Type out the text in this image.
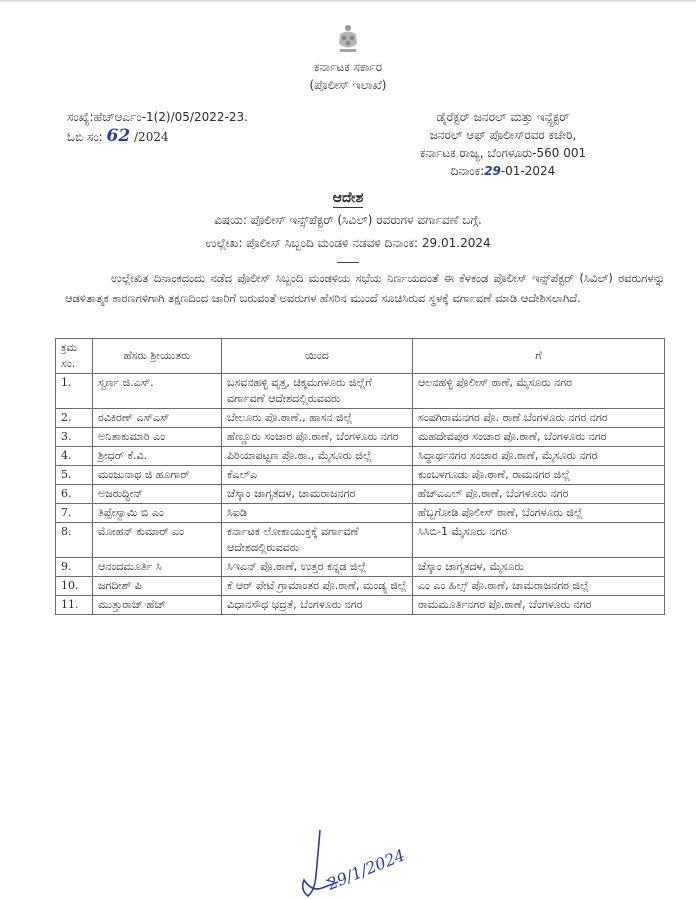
ಕರ್ನಾಟಕ ಸರ್ಕಾರ
(ಪೊಲೀಸ್ ಇಲಾಖೆ)
ಸಂಖ್ಯೆ:ಹೆಚ್ಆರ್ಎಂ-1(2)/05/2022-23.
ಓಬಿ ಸಂ: 62 /2024
ಡೈರೆಕ್ಟರ್ ಜನರಲ್ ಮತ್ತು ಇನ್ಸ್ಪೆಕ್ಟರ್
ಜನರಲ್ ಆಫ್ ಪೊಲೀಸ್‌ರವರ ಕಚೇರಿ,
ಕರ್ನಾಟಕ ರಾಜ್ಯ, ಬೆಂಗಳೂರು-560 001
ದಿನಾಂಕ:29-01-2024
ಆದೇಶ
ವಿಷಯ: ಪೊಲೀಸ್ ಇನ್ಸ್‌ಪೆಕ್ಟರ್ (ಸಿವಿಲ್) ರವರುಗಳ ವರ್ಗಾವಣೆ ಬಗ್ಗೆ.
ಉಲ್ಲೇಖ: ಪೊಲೀಸ್ ಸಿಬ್ಬಂದಿ ಮಂಡಳಿ ನಡವಳಿ ದಿನಾಂಕ: 29.01.2024
ಉಲ್ಲೇಖಿತ ದಿನಾಂಕದಂದು ನಡೆದ ಪೊಲೀಸ್ ಸಿಬ್ಬಂದಿ ಮಂಡಳಿಯ ಸಭೆಯ ನಿರ್ಣಯದಂತೆ ಈ ಕೆಳಕಂಡ ಪೊಲೀಸ್ ಇನ್ಸ್‌ಪೆಕ್ಟರ್ (ಸಿವಿಲ್) ರವರುಗಳನ್ನು ಆಡಳಿತಾತ್ಮಕ ಕಾರಣಗಳಿಗಾಗಿ ತಕ್ಷಣದಿಂದ ಜಾರಿಗೆ ಬರುವಂತೆ ಅವರುಗಳ ಹೆಸರಿನ ಮುಂದೆ ಸೂಚಿಸಿರುವ ಸ್ಥಳಕ್ಕೆ ವರ್ಗಾವಣೆ ಮಾಡಿ ಆದೇಶಿಸಲಾಗಿದೆ.
ಕ್ರಮ ಸಂ.	ಹೆಸರು ಶ್ರೀಯುತರು	ಯಿಂದ	ಗೆ
1.	ಸ್ವರ್ಣ ಜಿ.ಎಸ್.	ಬಸವನಹಳ್ಳಿ ವೃತ್ತ, ಚಿಕ್ಕಮಗಳೂರು ಜಿಲ್ಲೆಗೆ ವರ್ಗಾವಣೆ ಆದೇಶದಲ್ಲಿರುವವರು	ಆಲನಹಳ್ಳಿ ಪೊಲೀಸ್ ಠಾಣೆ, ಮೈಸೂರು ನಗರ
2.	ರವಿಕಿರಣ್ ಎಸ್‌ಎಸ್	ಬೇಲೂರು ಪೊ.ಠಾಣೆ., ಹಾಸನ ಜಿಲ್ಲೆ	ಸಂಪಗಿರಾಮನಗರ ಪೊ. ಠಾಣೆ ಬೆಂಗಳೂರು ನಗರ ನಗರ
3.	ಅನಿತಾಕುಮಾರಿ ಎಂ	ಹೆಣ್ಣೂರು ಸಂಚಾರ ಪೊ.ಠಾಣೆ, ಬೆಂಗಳೂರು ನಗರ	ಮಹದೇವಪುರ ಸಂಚಾರ ಪೊ.ಠಾಣೆ, ಬೆಂಗಳೂರು ನಗರ
4.	ಶ್ರೀಧರ್ ಕೆ.ವಿ.	ಪಿರಿಯಾಪಟ್ಟಣ ಪೊ.ಠಾ., ಮೈಸೂರು ಜಿಲ್ಲೆ	ಸಿದ್ಧಾರ್ಥನಗರ ಸಂಚಾರ ಪೊ.ಠಾಣೆ, ಮೈಸೂರು ನಗರ
5.	ಮಂಜುನಾಥ ಜಿ ಹೂಗಾರ್	ಕೆಎಲ್‌ಎ	ಕುಂಬಳಗೂಡು ಪೊ.ಠಾಣೆ, ರಾಮನಗರ ಜಿಲ್ಲೆ
6.	ಅಜರುದ್ದೀನ್	ಚೆಸ್ಕಾಂ ಜಾಗೃತದಳ, ಚಾಮರಾಜನಗರ	ಹೆಚ್‌ಎಎಲ್ ಪೊ.ಠಾಣೆ, ಬೆಂಗಳೂರು ನಗರ
7.	ತಿಪ್ಪೇಸ್ವಾಮಿ ಬಿ ಎಂ	ಸಿಐಡಿ	ಹೆಬ್ಬಗೋಡಿ ಪೊಲೀಸ್ ಠಾಣೆ, ಬೆಂಗಳೂರು ಜಿಲ್ಲೆ
8.	ಮೋಹನ್ ಕುಮಾರ್ ಎಂ	ಕರ್ನಾಟಕ ಲೋಕಾಯುಕ್ತಕ್ಕೆ ವರ್ಗಾವಣೆ ಆದೇಶದಲ್ಲಿರುವವರು	ಸಿಸಿಬಿ-1 ಮೈಸೂರು ನಗರ
9.	ಆನಂದಮೂರ್ತಿ ಸಿ	ಸಿಇಎನ್ ಪೊ.ಠಾಣೆ, ಉತ್ತರ ಕನ್ನಡ ಜಿಲ್ಲೆ	ಚೆಸ್ಕಾಂ ಜಾಗೃತದಳ, ಮೈಸೂರು
10.	ಜಗದೀಶ್ ಪಿ	ಕೆ ಆರ್ ಪೇಟೆ ಗ್ರಾಮಾಂತರ ಪೊ.ಠಾಣೆ, ಮಂಡ್ಯ ಜಿಲ್ಲೆ	ಎಂ ಎಂ ಹಿಲ್ಸ್ ಪೊ.ಠಾಣೆ, ಚಾಮರಾಜನಗರ ಜಿಲ್ಲೆ
11.	ಮುತ್ತುರಾಜ್ ಹೆಚ್	ವಿಧಾನಸೌಧ ಭದ್ರತೆ, ಬೆಂಗಳೂರು ನಗರ	ರಾಮಮೂರ್ತಿನಗರ ಪೊ.ಠಾಣೆ, ಬೆಂಗಳೂರು ನಗರ
29/1/2024
